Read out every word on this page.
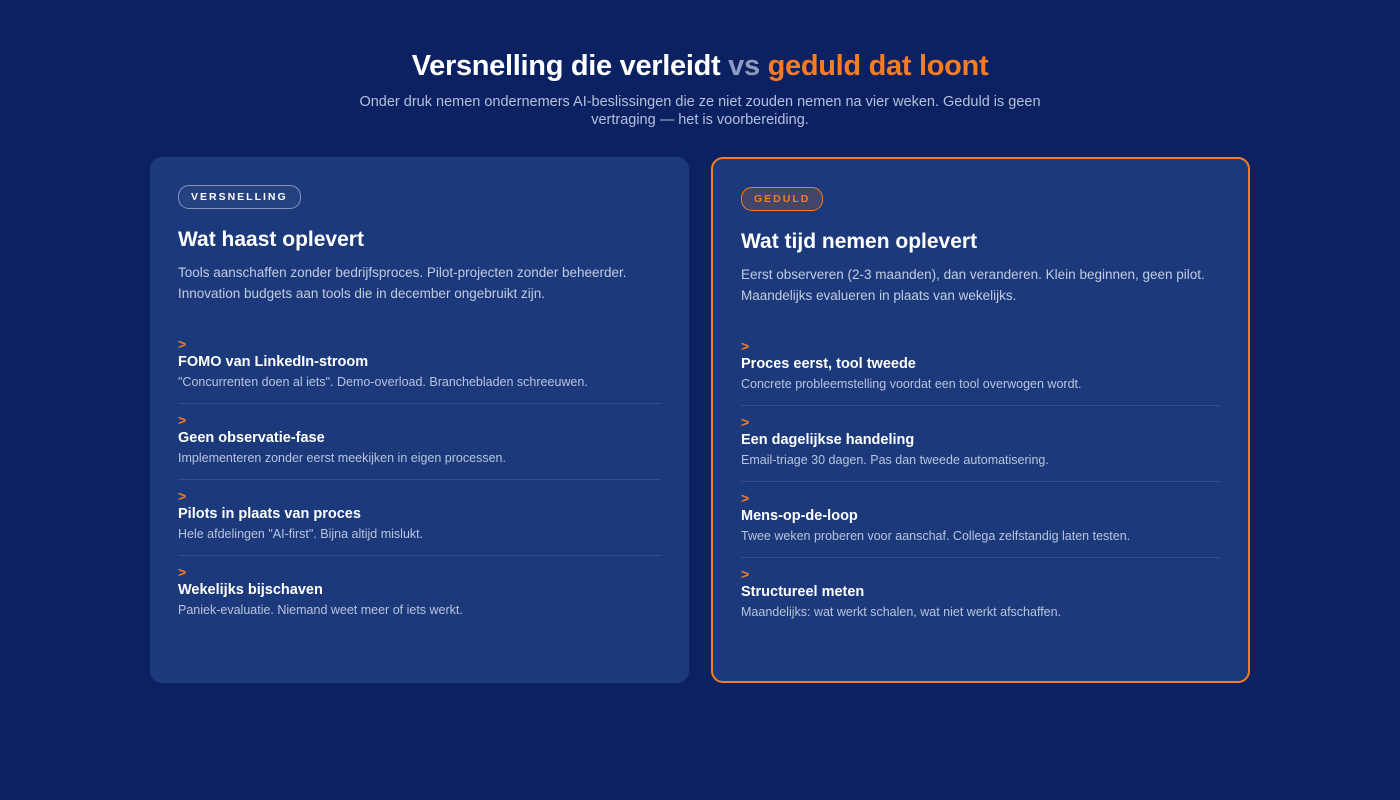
Versnelling die verleidt vs geduld dat loont

Onder druk nemen ondernemers AI-beslissingen die ze niet zouden nemen na vier weken. Geduld is geen vertraging — het is voorbereiding.

VERSNELLING
Wat haast oplevert

Tools aanschaffen zonder bedrijfsproces. Pilot-projecten zonder beheerder. Innovation budgets aan tools die in december ongebruikt zijn.

>
FOMO van LinkedIn-stroom
"Concurrenten doen al iets". Demo-overload. Branchebladen schreeuwen.
>
Geen observatie-fase
Implementeren zonder eerst meekijken in eigen processen.
>
Pilots in plaats van proces
Hele afdelingen "AI-first". Bijna altijd mislukt.
>
Wekelijks bijschaven
Paniek-evaluatie. Niemand weet meer of iets werkt.
GEDULD
Wat tijd nemen oplevert

Eerst observeren (2-3 maanden), dan veranderen. Klein beginnen, geen pilot. Maandelijks evalueren in plaats van wekelijks.

>
Proces eerst, tool tweede
Concrete probleemstelling voordat een tool overwogen wordt.
>
Een dagelijkse handeling
Email-triage 30 dagen. Pas dan tweede automatisering.
>
Mens-op-de-loop
Twee weken proberen voor aanschaf. Collega zelfstandig laten testen.
>
Structureel meten
Maandelijks: wat werkt schalen, wat niet werkt afschaffen.
